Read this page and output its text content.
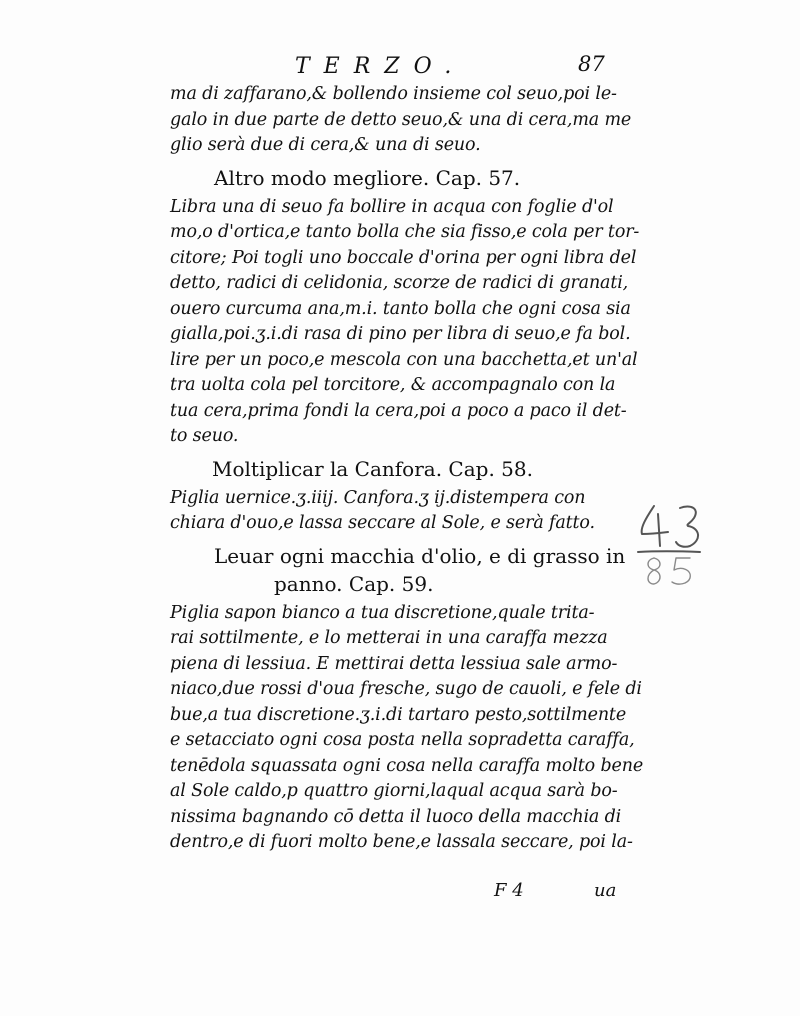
TERZO.	87
ma di zaffarano,& bollendo insieme col seuo,poi le-
galo in due parte de detto seuo,& una di cera,ma me
glio serà due di cera,& una di seuo.
Altro modo megliore. Cap. 57.
Libra una di seuo fa bollire in acqua con foglie d'ol
mo,o d'ortica,e tanto bolla che sia fisso,e cola per tor-
citore; Poi togli uno boccale d'orina per ogni libra del
detto, radici di celidonia, scorze de radici di granati,
ouero curcuma ana,m.i. tanto bolla che ogni cosa sia
gialla,poi.ʒ.i.di rasa di pino per libra di seuo,e fa bol.
lire per un poco,e mescola con una bacchetta,et un'al
tra uolta cola pel torcitore, & accompagnalo con la
tua cera,prima fondi la cera,poi a poco a paco il det-
to seuo.
Moltiplicar la Canfora. Cap. 58.
Piglia uernice.ʒ.iiij. Canfora.ʒ ij.distempera con
chiara d'ouo,e lassa seccare al Sole, e serà fatto.
Leuar ogni macchia d'olio, e di grasso in
panno. Cap. 59.
Piglia sapon bianco a tua discretione,quale trita-
rai sottilmente, e lo metterai in una caraffa mezza
piena di lessiua. E mettirai detta lessiua sale armo-
niaco,due rossi d'oua fresche, sugo de cauoli, e fele di
bue,a tua discretione.ʒ.i.di tartaro pesto,sottilmente
e setacciato ogni cosa posta nella sopradetta caraffa,
tenēdola squassata ogni cosa nella caraffa molto bene
al Sole caldo,p quattro giorni,laqual acqua sarà bo-
nissima bagnando cō detta il luoco della macchia di
dentro,e di fuori molto bene,e lassala seccare, poi la-
F 4	ua
